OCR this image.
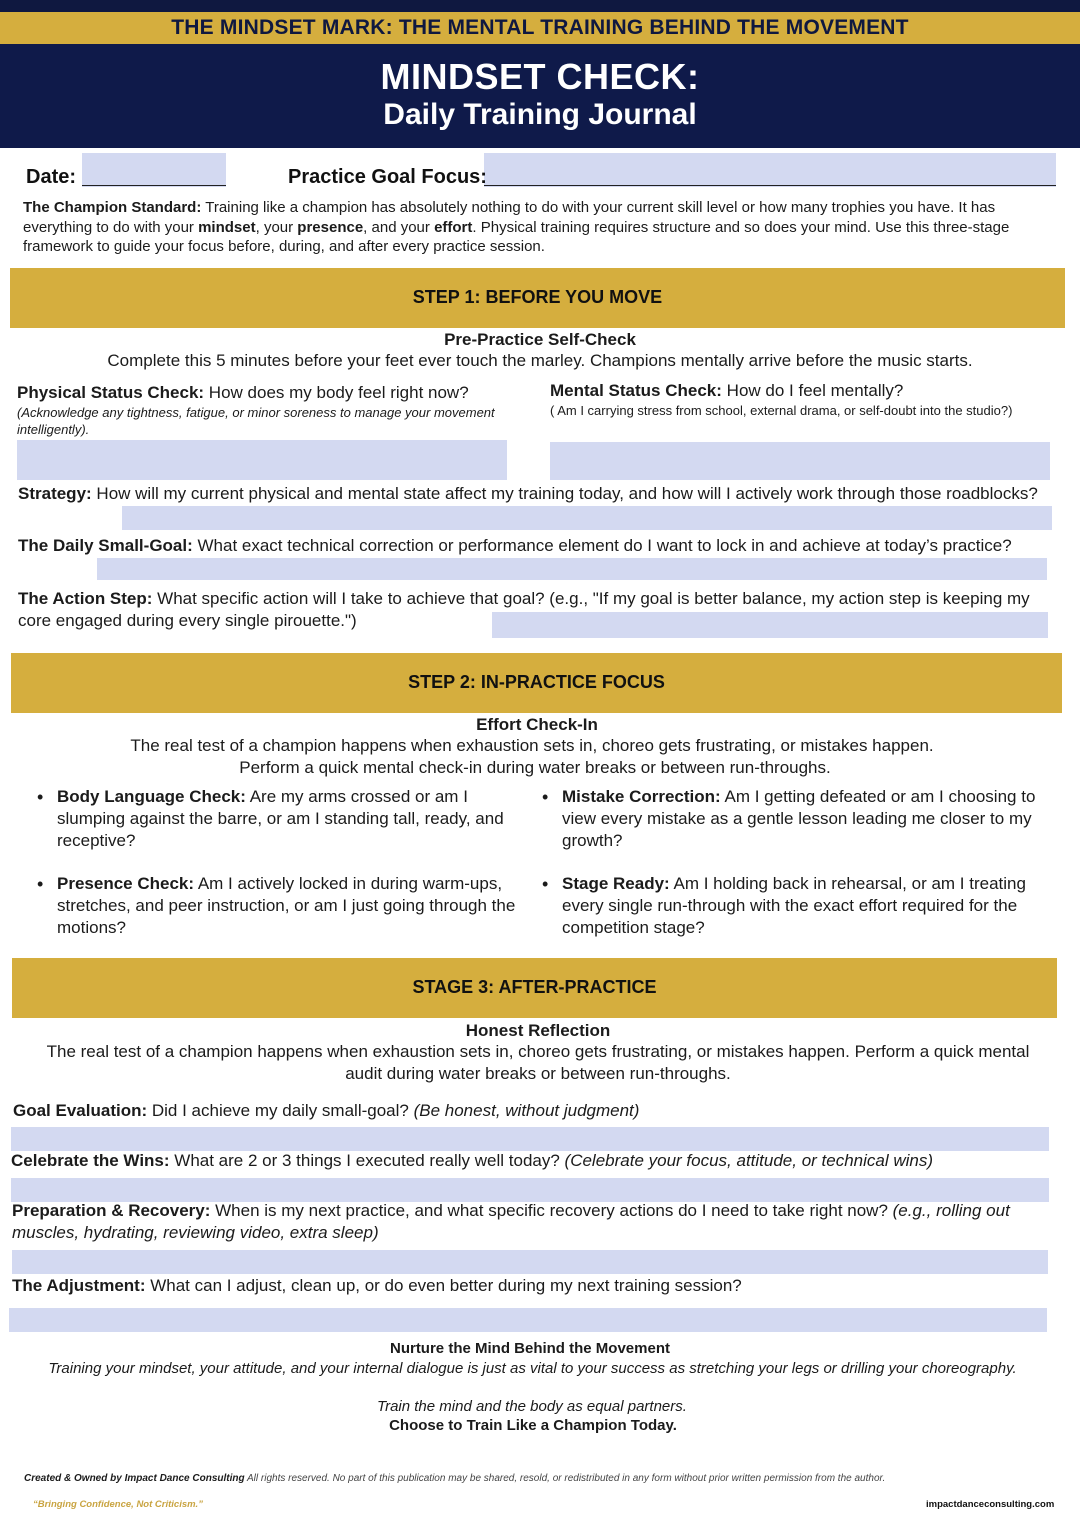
THE MINDSET MARK: THE MENTAL TRAINING BEHIND THE MOVEMENT
MINDSET CHECK:
Daily Training Journal
Date:	Practice Goal Focus:
The Champion Standard: Training like a champion has absolutely nothing to do with your current skill level or how many trophies you have. It has everything to do with your mindset, your presence, and your effort. Physical training requires structure and so does your mind. Use this three-stage framework to guide your focus before, during, and after every practice session.
STEP 1: BEFORE YOU MOVE
Pre-Practice Self-Check
Complete this 5 minutes before your feet ever touch the marley. Champions mentally arrive before the music starts.
Physical Status Check: How does my body feel right now?
(Acknowledge any tightness, fatigue, or minor soreness to manage your movement intelligently).
Mental Status Check: How do I feel mentally?
( Am I carrying stress from school, external drama, or self-doubt into the studio?)
Strategy: How will my current physical and mental state affect my training today, and how will I actively work through those roadblocks?
The Daily Small-Goal: What exact technical correction or performance element do I want to lock in and achieve at today’s practice?
The Action Step: What specific action will I take to achieve that goal? (e.g., "If my goal is better balance, my action step is keeping my core engaged during every single pirouette.")
STEP 2: IN-PRACTICE FOCUS
Effort Check-In
The real test of a champion happens when exhaustion sets in, choreo gets frustrating, or mistakes happen.
Perform a quick mental check-in during water breaks or between run-throughs.
• Body Language Check: Are my arms crossed or am I slumping against the barre, or am I standing tall, ready, and receptive?
• Mistake Correction: Am I getting defeated or am I choosing to view every mistake as a gentle lesson leading me closer to my growth?
• Presence Check: Am I actively locked in during warm-ups, stretches, and peer instruction, or am I just going through the motions?
• Stage Ready: Am I holding back in rehearsal, or am I treating every single run-through with the exact effort required for the competition stage?
STAGE 3: AFTER-PRACTICE
Honest Reflection
The real test of a champion happens when exhaustion sets in, choreo gets frustrating, or mistakes happen. Perform a quick mental audit during water breaks or between run-throughs.
Goal Evaluation: Did I achieve my daily small-goal? (Be honest, without judgment)
Celebrate the Wins: What are 2 or 3 things I executed really well today? (Celebrate your focus, attitude, or technical wins)
Preparation & Recovery: When is my next practice, and what specific recovery actions do I need to take right now? (e.g., rolling out muscles, hydrating, reviewing video, extra sleep)
The Adjustment: What can I adjust, clean up, or do even better during my next training session?
Nurture the Mind Behind the Movement
Training your mindset, your attitude, and your internal dialogue is just as vital to your success as stretching your legs or drilling your choreography.
Train the mind and the body as equal partners.
Choose to Train Like a Champion Today.
Created & Owned by Impact Dance Consulting All rights reserved. No part of this publication may be shared, resold, or redistributed in any form without prior written permission from the author.
“Bringing Confidence, Not Criticism.”	impactdanceconsulting.com
